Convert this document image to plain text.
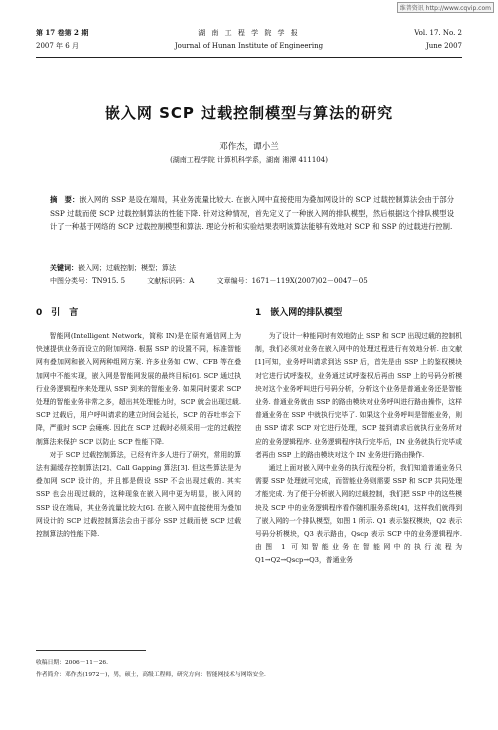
维普资讯 http://www.cqvip.com
第 17 卷第 2 期	湖 南 工 程 学 院 学 报	Vol. 17. No. 2
2007 年 6 月	Journal of Hunan Institute of Engineering	June 2007
嵌入网 SCP 过载控制模型与算法的研究
邓作杰，谭小兰
(湖南工程学院 计算机科学系，湖南 湘潭 411104)
摘　要：嵌入网的 SSP 是设在端局，其业务流量比较大. 在嵌入网中直接使用为叠加网设计的 SCP 过载控制算法会由于部分 SSP 过载而使 SCP 过载控制算法的性能下降. 针对这种情况，首先定义了一种嵌入网的排队模型，然后根据这个排队模型设计了一种基于网络的 SCP 过载控制模型和算法. 理论分析和实验结果表明该算法能够有效地对 SCP 和 SSP 的过载进行控制.
关键词：嵌入网；过载控制；模型；算法
中图分类号：TN915. 5	文献标识码：A	文章编号：1671－119X(2007)02－0047－05
0　引　言	1　嵌入网的排队模型

智能网(Intelligent Network，简称 IN)是在原有通信网上为快速提供业务而设立的附加网络. 根据 SSP 的设置不同，标准智能网有叠加网和嵌入网两种组网方案. 许多业务如 CW、CFB 等在叠加网中不能实现，嵌入网是智能网发展的最终目标[6]. SCP 通过执行业务逻辑程序来处理从 SSP 到来的智能业务. 如果同时要求 SCP 处理的智能业务非常之多，超出其处理能力时，SCP 就会出现过载. SCP 过载后，用户呼叫请求的建立时间会延长，SCP 的吞吐率会下降，严重时 SCP 会瘫痪. 因此在 SCP 过载时必须采用一定的过载控制算法来保护 SCP 以防止 SCP 性能下降.

对于 SCP 过载控制算法，已经有许多人进行了研究，常用的算法有漏缓存控制算法[2]、Call Gapping 算法[3]. 但这些算法是为叠加网 SCP 设计的，并且都是假设 SSP 不会出现过载的. 其实 SSP 也会出现过载的，这种现象在嵌入网中更为明显，嵌入网的 SSP 设在端局，其业务流量比较大[6]. 在嵌入网中直接使用为叠加网设计的 SCP 过载控制算法会由于部分 SSP 过载而使 SCP 过载控制算法的性能下降.

为了设计一种能同时有效地防止 SSP 和 SCP 出现过载的控制机制，我们必须对业务在嵌入网中的处理过程进行有效地分析. 由文献[1]可知，业务呼叫请求到达 SSP 后，首先是由 SSP 上的鉴权模块对它进行试呼鉴权，业务通过试呼鉴权后再由 SSP 上的号码分析模块对这个业务呼叫进行号码分析，分析这个业务是普通业务还是智能业务. 普通业务就由 SSP 的路由模块对业务呼叫进行路由操作，这样普通业务在 SSP 中就执行完毕了. 如果这个业务呼叫是智能业务，则由 SSP 请求 SCP 对它进行处理，SCP 接到请求后就执行业务所对应的业务逻辑程序. 业务逻辑程序执行完毕后，IN 业务就执行完毕或者再由 SSP 上的路由模块对这个 IN 业务进行路由操作.

通过上面对嵌入网中业务的执行流程分析，我们知道普通业务只需要 SSP 处理就可完成，而智能业务则需要 SSP 和 SCP 共同处理才能完成. 为了便于分析嵌入网的过载控制，我们把 SSP 中的这些模块及 SCP 中的业务逻辑程序看作随机服务系统[4]，这样我们就得到了嵌入网的一个排队模型，如图 1 所示. Q1 表示鉴权模块，Q2 表示号码分析模块，Q3 表示路由，Qscp 表示 SCP 中的业务逻辑程序. 由图 1 可知智能业务在智能网中的执行流程为 Q1→Q2→Qscp→Q3，普通业务

收稿日期：2006－11－26.
作者简介：邓作杰(1972－)，男，硕士，高级工程师，研究方向：智能网技术与网络安全.
